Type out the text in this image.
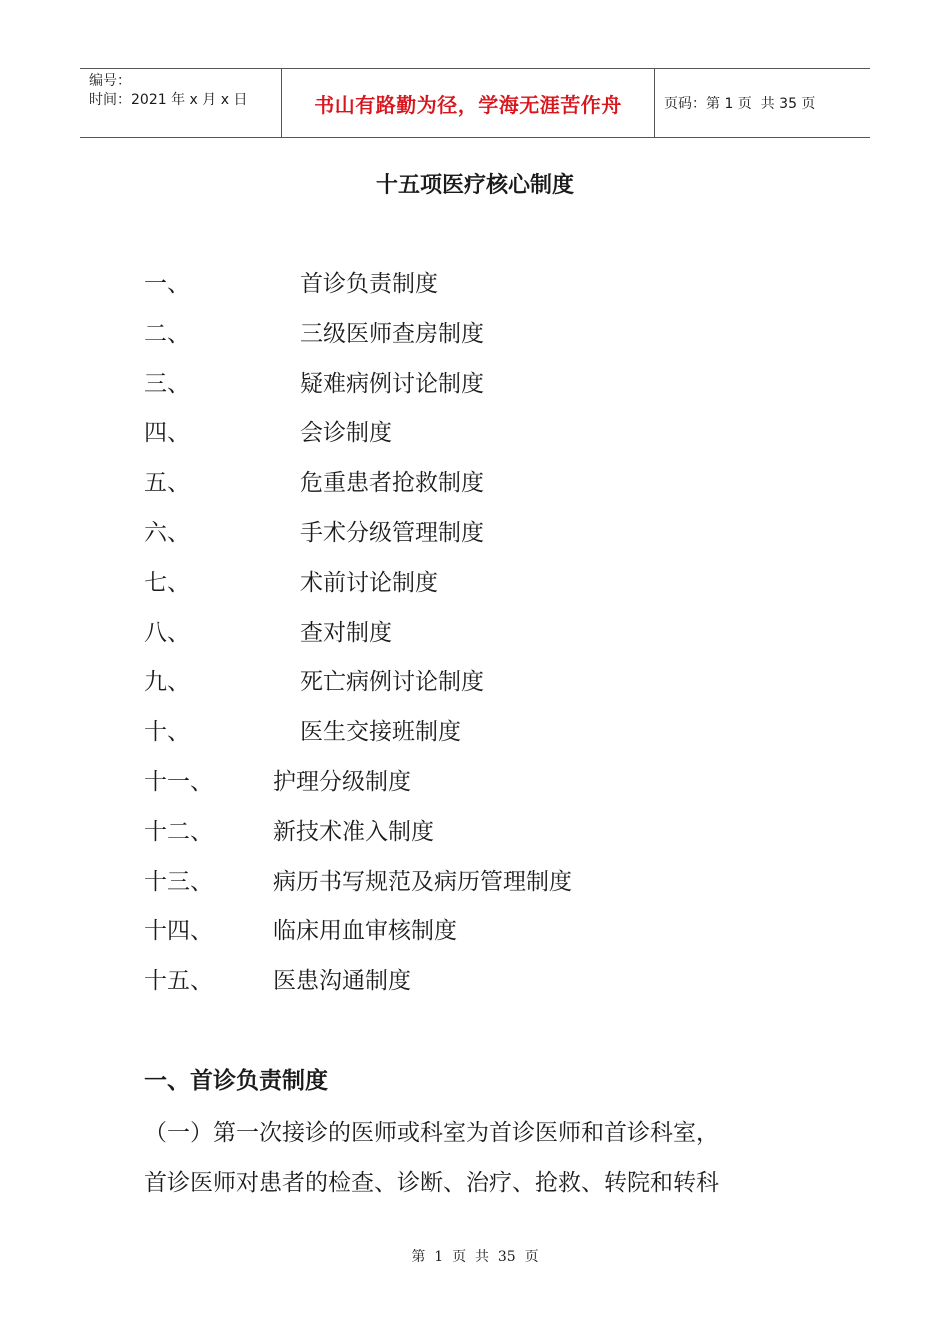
编号：
时间：2021 年 x 月 x 日	书山有路勤为径，学海无涯苦作舟	页码：第 1 页  共 35 页
十五项医疗核心制度
一、	首诊负责制度
二、	三级医师查房制度
三、	疑难病例讨论制度
四、	会诊制度
五、	危重患者抢救制度
六、	手术分级管理制度
七、	术前讨论制度
八、	查对制度
九、	死亡病例讨论制度
十、	医生交接班制度
十一、	护理分级制度
十二、	新技术准入制度
十三、	病历书写规范及病历管理制度
十四、	临床用血审核制度
十五、	医患沟通制度
一、首诊负责制度

（一）第一次接诊的医师或科室为首诊医师和首诊科室，
首诊医师对患者的检查、诊断、治疗、抢救、转院和转科

第  1  页  共  35  页
